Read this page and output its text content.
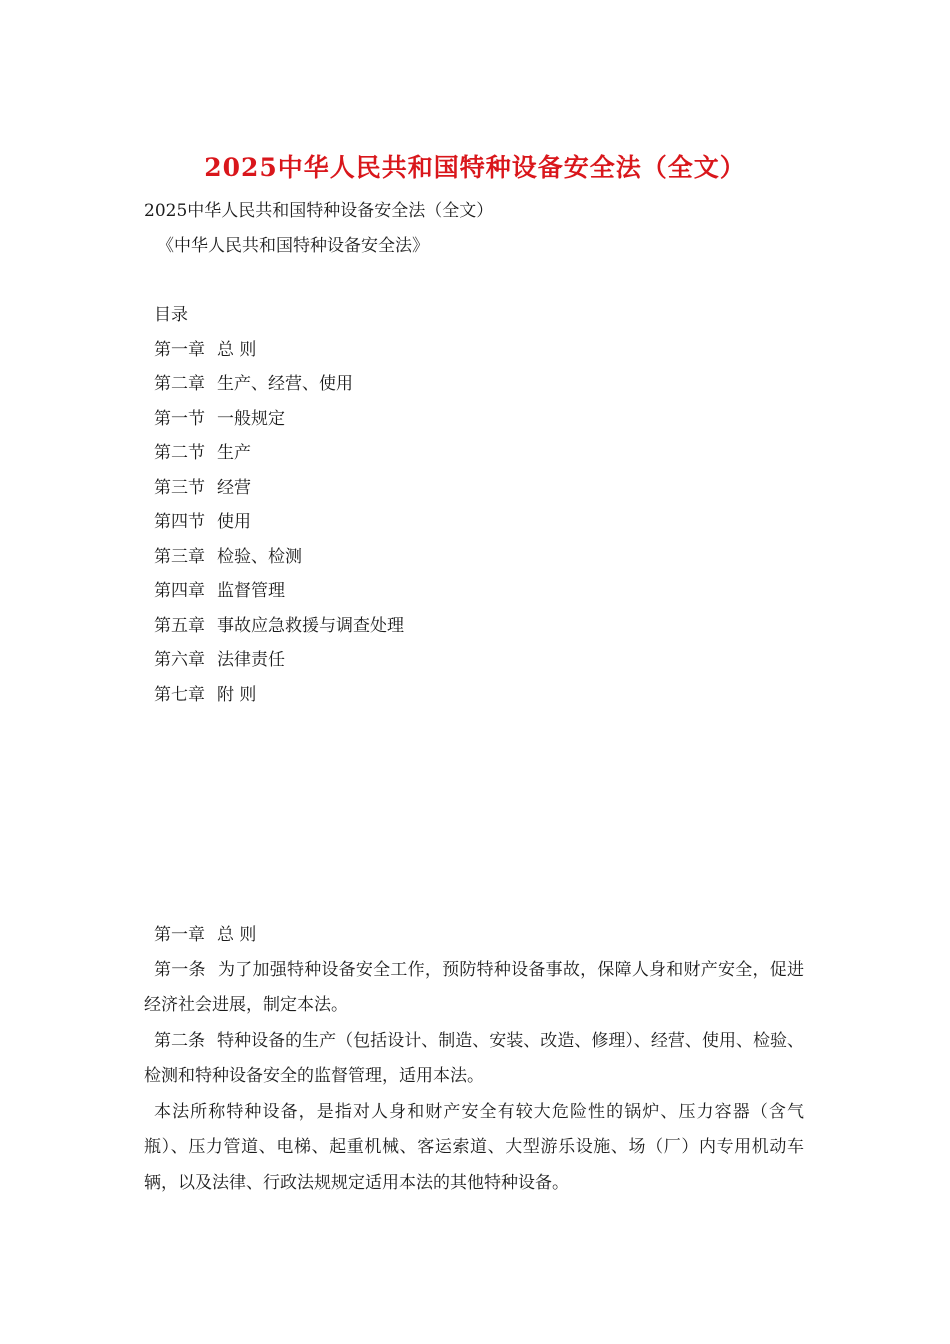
2025中华人民共和国特种设备安全法（全文）
2025中华人民共和国特种设备安全法（全文）
《中华人民共和国特种设备安全法》
目录
第一章 总 则
第二章 生产、经营、使用
第一节 一般规定
第二节 生产
第三节 经营
第四节 使用
第三章 检验、检测
第四章 监督管理
第五章 事故应急救援与调查处理
第六章 法律责任
第七章 附 则
第一章 总 则

第一条 为了加强特种设备安全工作，预防特种设备事故，保障人身和财产安全，促进经济社会进展，制定本法。

第二条 特种设备的生产（包括设计、制造、安装、改造、修理）、经营、使用、检验、检测和特种设备安全的监督管理，适用本法。

本法所称特种设备，是指对人身和财产安全有较大危险性的锅炉、压力容器（含气瓶）、压力管道、电梯、起重机械、客运索道、大型游乐设施、场（厂）内专用机动车辆，以及法律、行政法规规定适用本法的其他特种设备。
